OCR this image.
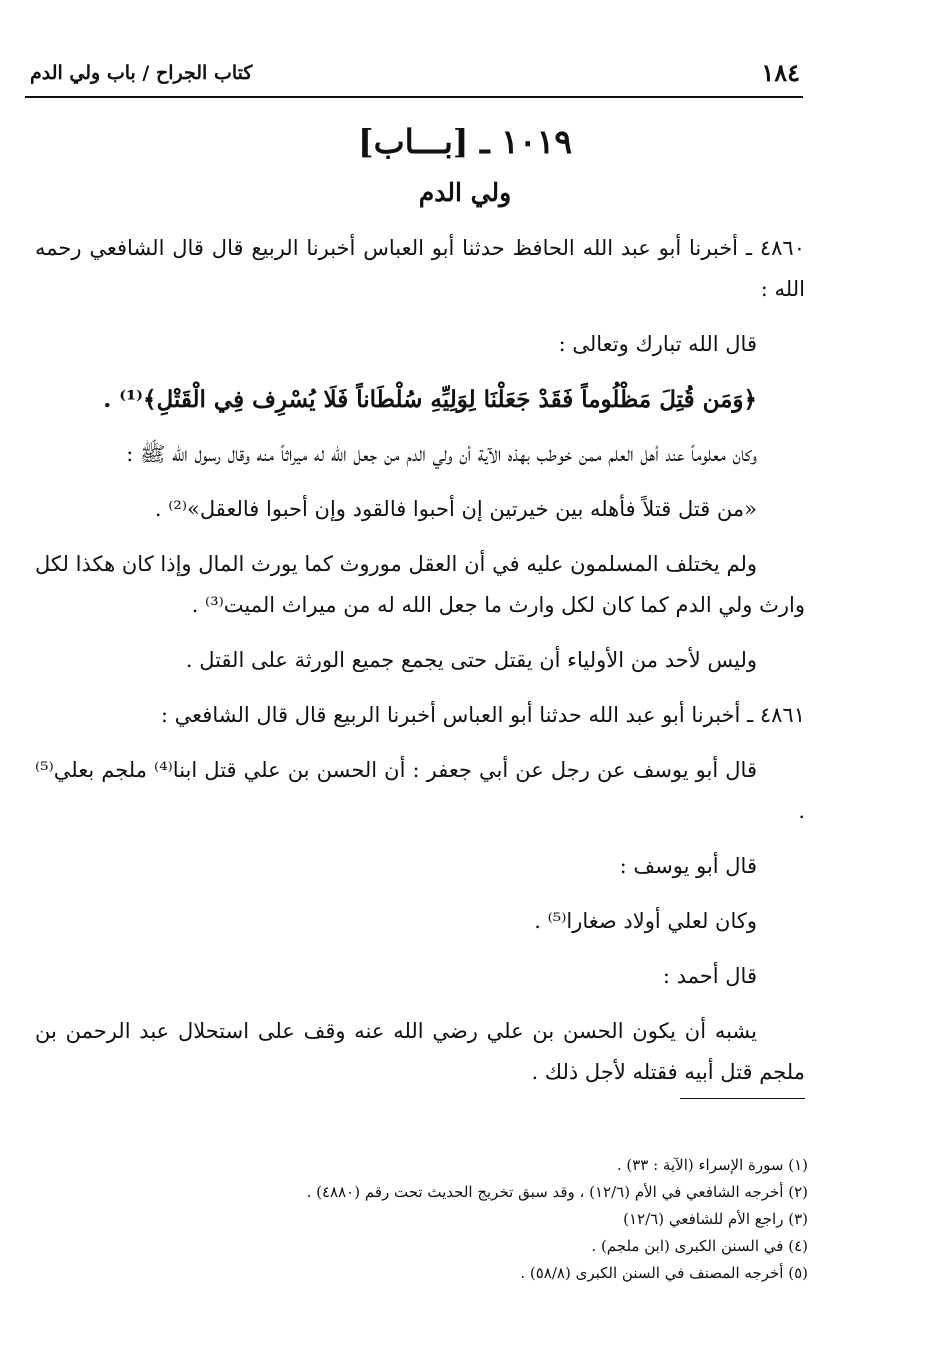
١٨٤
كتاب الجراح / باب ولي الدم
١٠١٩ ـ [بـــاب]
ولي الدم

٤٨٦٠ ـ أخبرنا أبو عبد الله الحافظ حدثنا أبو العباس أخبرنا الربيع قال قال الشافعي رحمه الله :

قال الله تبارك وتعالى :

﴿وَمَن قُتِلَ مَظْلُوماً فَقَدْ جَعَلْنَا لِوَلِيِّهِ سُلْطَاناً فَلَا يُسْرِف فِي الْقَتْلِ﴾⁽¹⁾ .

وكان معلوماً عند أهل العلم ممن خوطب بهذه الآية أن ولي الدم من جعل الله له ميراثاً منه وقال رسول الله ﷺ :

«من قتل قتلاً فأهله بين خيرتين إن أحبوا فالقود وإن أحبوا فالعقل»⁽²⁾ .

ولم يختلف المسلمون عليه في أن العقل موروث كما يورث المال وإذا كان هكذا لكل وارث ولي الدم كما كان لكل وارث ما جعل الله له من ميراث الميت⁽³⁾ .

وليس لأحد من الأولياء أن يقتل حتى يجمع جميع الورثة على القتل .

٤٨٦١ ـ أخبرنا أبو عبد الله حدثنا أبو العباس أخبرنا الربيع قال قال الشافعي :

قال أبو يوسف عن رجل عن أبي جعفر : أن الحسن بن علي قتل ابنا⁽⁴⁾ ملجم بعلي⁽⁵⁾ .

قال أبو يوسف :

وكان لعلي أولاد صغارا⁽⁵⁾ .

قال أحمد :

يشبه أن يكون الحسن بن علي رضي الله عنه وقف على استحلال عبد الرحمن بن ملجم قتل أبيه فقتله لأجل ذلك .

(١) سورة الإسراء (الآية : ٣٣) .
(٢) أخرجه الشافعي في الأم (١٢/٦) ، وقد سبق تخريج الحديث تحت رقم (٤٨٨٠) .
(٣) راجع الأم للشافعي (١٢/٦)
(٤) في السنن الكبرى (ابن ملجم) .
(٥) أخرجه المصنف في السنن الكبرى (٥٨/٨) .
